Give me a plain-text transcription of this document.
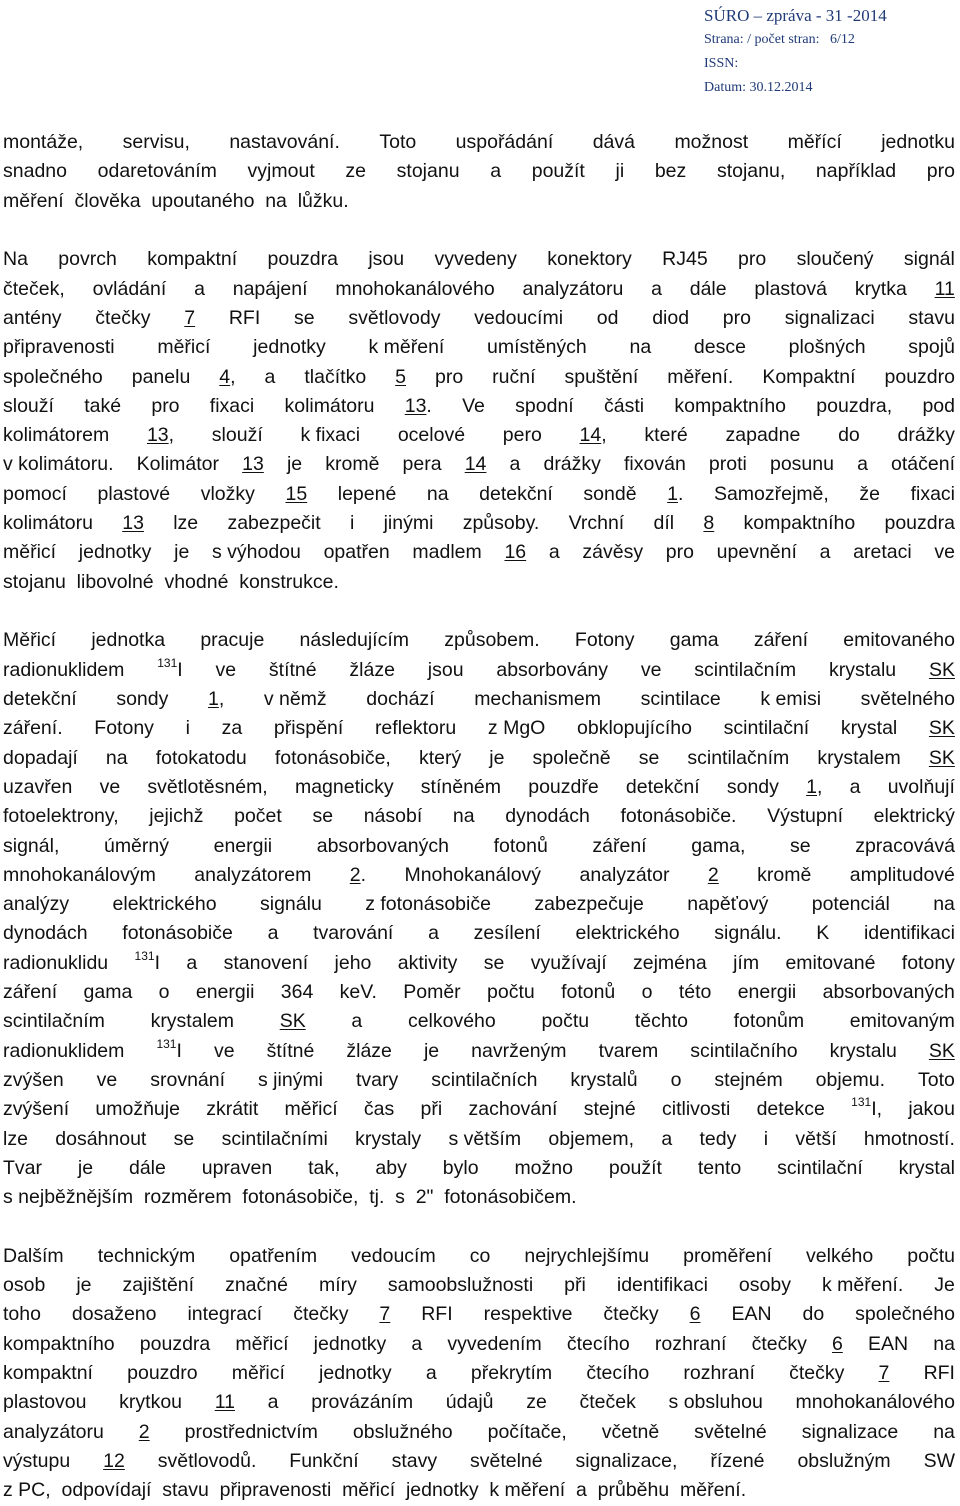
SÚRO – zpráva - 31 -2014
Strana: / počet stran:   6/12
ISSN:
Datum: 30.12.2014
montáže, servisu, nastavování. Toto uspořádání dává možnost měřící jednotku
snadno odaretováním vyjmout ze stojanu a použít ji bez stojanu, například pro
měření člověka upoutaného na lůžku.
Na povrch kompaktní pouzdra jsou vyvedeny konektory RJ45 pro sloučený signál
čteček, ovládání a napájení mnohokanálového analyzátoru a dále plastová krytka 11
antény čtečky 7 RFI se světlovody vedoucími od diod pro signalizaci stavu
připravenosti měřicí jednotky k měření umístěných na desce plošných spojů
společného panelu 4, a tlačítko 5 pro ruční spuštění měření. Kompaktní pouzdro
slouží také pro fixaci kolimátoru 13. Ve spodní části kompaktního pouzdra, pod
kolimátorem 13, slouží k fixaci ocelové pero 14, které zapadne do drážky
v kolimátoru. Kolimátor 13 je kromě pera 14 a drážky fixován proti posunu a otáčení
pomocí plastové vložky 15 lepené na detekční sondě 1. Samozřejmě, že fixaci
kolimátoru 13 lze zabezpečit i jinými způsoby. Vrchní díl 8 kompaktního pouzdra
měřicí jednotky je s výhodou opatřen madlem 16 a závěsy pro upevnění a aretaci ve
stojanu libovolné vhodné konstrukce.
Měřicí jednotka pracuje následujícím způsobem. Fotony gama záření emitovaného
radionuklidem	$^{131}$I ve štítné žláze jsou absorbovány ve scintilačním krystalu SK
detekční sondy 1, v němž dochází mechanismem scintilace k emisi světelného
záření. Fotony i za přispění reflektoru z MgO obklopujícího scintilační krystal SK
dopadají na fotokatodu fotonásobiče, který je společně se scintilačním krystalem SK
uzavřen ve světlotěsném, magneticky stíněném pouzdře detekční sondy 1, a uvolňují
fotoelektrony, jejichž počet se násobí na dynodách fotonásobiče. Výstupní elektrický
signál, úměrný energii absorbovaných fotonů záření gama, se zpracovává
mnohokanálovým analyzátorem 2. Mnohokanálový analyzátor 2 kromě amplitudové
analýzy elektrického signálu z fotonásobiče zabezpečuje napěťový potenciál na
dynodách fotonásobiče a tvarování a zesílení elektrického signálu. K identifikaci
radionuklidu $^{131}$I a stanovení jeho aktivity se využívají zejména jím emitované fotony
záření gama o energii 364 keV. Poměr počtu fotonů o této energii absorbovaných
scintilačním krystalem SK a celkového počtu těchto fotonům emitovaným
radionuklidem	$^{131}$I ve štítné žláze je navrženým tvarem scintilačního krystalu SK
zvýšen ve srovnání s jinými tvary scintilačních krystalů o stejném objemu. Toto
zvýšení umožňuje zkrátit měřicí čas při zachování stejné citlivosti detekce $^{131}$I, jakou
lze dosáhnout se scintilačními krystaly s větším objemem, a tedy i větší hmotností.
Tvar je dále upraven tak, aby bylo možno použít tento scintilační krystal
s nejběžnějším rozměrem fotonásobiče, tj. s 2" fotonásobičem.
Dalším technickým opatřením vedoucím co nejrychlejšímu proměření velkého počtu
osob je zajištění značné míry samoobslužnosti při identifikaci osoby k měření. Je
toho dosaženo integrací čtečky 7 RFI respektive čtečky 6 EAN do společného
kompaktního pouzdra měřicí jednotky a vyvedením čtecího rozhraní čtečky 6 EAN na
kompaktní pouzdro měřicí jednotky a překrytím čtecího rozhraní čtečky 7 RFI
plastovou krytkou 11 a provázáním údajů ze čteček s obsluhou mnohokanálového
analyzátoru 2 prostřednictvím obslužného počítače, včetně světelné signalizace na
výstupu 12 světlovodů. Funkční stavy světelné signalizace, řízené obslužným SW
z PC, odpovídají stavu připravenosti měřicí jednotky k měření a průběhu měření.
